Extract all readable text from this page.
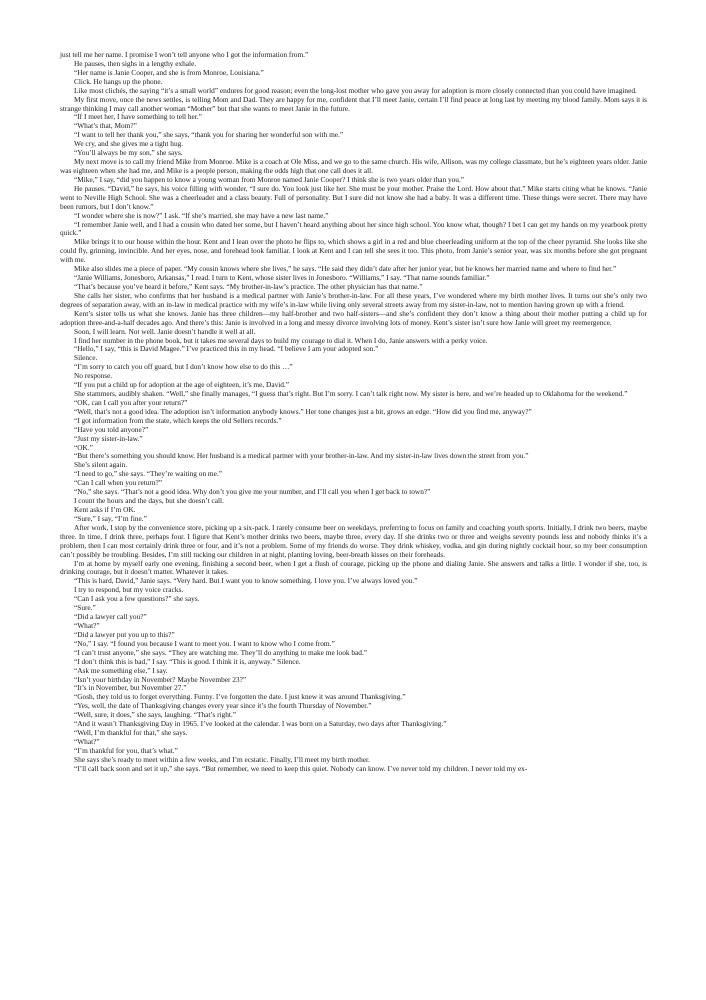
just tell me her name. I promise I won’t tell anyone who I got the information from.”

He pauses, then sighs in a lengthy exhale.

“Her name is Janie Cooper, and she is from Monroe, Louisiana.”

Click. He hangs up the phone.

Like most clichés, the saying “it’s a small world” endures for good reason; even the long-lost mother who gave you away for adoption is more closely connected than you could have imagined.

My first move, once the news settles, is telling Mom and Dad. They are happy for me, confident that I’ll meet Janie, certain I’ll find peace at long last by meeting my blood family. Mom says it is strange thinking I may call another woman “Mother” but that she wants to meet Janie in the future.

“If I meet her, I have something to tell her.”

“What’s that, Mom?”

“I want to tell her thank you,” she says, “thank you for sharing her wonderful son with me.”

We cry, and she gives me a tight hug.

“You’ll always be my son,” she says.

My next move is to call my friend Mike from Monroe. Mike is a coach at Ole Miss, and we go to the same church. His wife, Allison, was my college classmate, but he’s eighteen years older. Janie was eighteen when she had me, and Mike is a people person, making the odds high that one call does it all.

“Mike,” I say, “did you happen to know a young woman from Monroe named Janie Cooper? I think she is two years older than you.”

He pauses. “David,” he says, his voice filling with wonder, “I sure do. You look just like her. She must be your mother. Praise the Lord. How about that.” Mike starts citing what he knows. “Janie went to Neville High School. She was a cheerleader and a class beauty. Full of personality. But I sure did not know she had a baby. It was a different time. These things were secret. There may have been rumors, but I don’t know.”

“I wonder where she is now?” I ask. “If she’s married, she may have a new last name.”

“I remember Janie well, and I had a cousin who dated her some, but I haven’t heard anything about her since high school. You know what, though? I bet I can get my hands on my yearbook pretty quick.”

Mike brings it to our house within the hour. Kent and I lean over the photo he flips to, which shows a girl in a red and blue cheerleading uniform at the top of the cheer pyramid. She looks like she could fly, grinning, invincible. And her eyes, nose, and forehead look familiar. I look at Kent and I can tell she sees it too. This photo, from Janie’s senior year, was six months before she got pregnant with me.

Mike also slides me a piece of paper. “My cousin knows where she lives,” he says. “He said they didn’t date after her junior year, but he knows her married name and where to find her.”

“Janie Williams, Jonesboro, Arkansas,” I read. I turn to Kent, whose sister lives in Jonesboro. “Williams,” I say. “That name sounds familiar.”

“That’s because you’ve heard it before,” Kent says. “My brother-in-law’s practice. The other physician has that name.”

She calls her sister, who confirms that her husband is a medical partner with Janie’s brother-in-law. For all these years, I’ve wondered where my birth mother lives. It turns out she’s only two degrees of separation away, with an in-law in medical practice with my wife’s in-law while living only several streets away from my sister-in-law, not to mention having grown up with a friend.

Kent’s sister tells us what she knows. Janie has three children—my half-brother and two half-sisters—and she’s confident they don’t know a thing about their mother putting a child up for adoption three-and-a-half decades ago. And there’s this: Janie is involved in a long and messy divorce involving lots of money. Kent’s sister isn’t sure how Janie will greet my reemergence.

Soon, I will learn. Not well. Janie doesn’t handle it well at all.

I find her number in the phone book, but it takes me several days to build my courage to dial it. When I do, Janie answers with a perky voice.

“Hello,” I say, “this is David Magee.” I’ve practiced this in my head. “I believe I am your adopted son.”

Silence.

“I’m sorry to catch you off guard, but I don’t know how else to do this …”

No response.

“If you put a child up for adoption at the age of eighteen, it’s me, David.”

She stammers, audibly shaken. “Well,” she finally manages, “I guess that’s right. But I’m sorry. I can’t talk right now. My sister is here, and we’re headed up to Oklahoma for the weekend.”

“OK, can I call you after your return?”

“Well, that’s not a good idea. The adoption isn’t information anybody knows.” Her tone changes just a bit, grows an edge. “How did you find me, anyway?”

“I got information from the state, which keeps the old Sellers records.”

“Have you told anyone?”

“Just my sister-in-law.”

“OK.”

“But there’s something you should know. Her husband is a medical partner with your brother-in-law. And my sister-in-law lives down the street from you.”

She’s silent again.

“I need to go,” she says. “They’re waiting on me.”

“Can I call when you return?”

“No,” she says. “That’s not a good idea. Why don’t you give me your number, and I’ll call you when I get back to town?”

I count the hours and the days, but she doesn’t call.

Kent asks if I’m OK.

“Sure,” I say, “I’m fine.”

After work, I stop by the convenience store, picking up a six-pack. I rarely consume beer on weekdays, preferring to focus on family and coaching youth sports. Initially, I drink two beers, maybe three. In time, I drink three, perhaps four. I figure that Kent’s mother drinks two beers, maybe three, every day. If she drinks two or three and weighs seventy pounds less and nobody thinks it’s a problem, then I can most certainly drink three or four, and it’s not a problem. Some of my friends do worse. They drink whiskey, vodka, and gin during nightly cocktail hour, so my beer consumption can’t possibly be troubling. Besides, I’m still tucking our children in at night, planting loving, beer-breath kisses on their foreheads.

I’m at home by myself early one evening, finishing a second beer, when I get a flush of courage, picking up the phone and dialing Janie. She answers and talks a little. I wonder if she, too, is drinking courage, but it doesn’t matter. Whatever it takes.

“This is hard, David,” Janie says. “Very hard. But I want you to know something. I love you. I’ve always loved you.”

I try to respond, but my voice cracks.

“Can I ask you a few questions?” she says.

“Sure.”

“Did a lawyer call you?”

“What?”

“Did a lawyer put you up to this?”

“No,” I say. “I found you because I want to meet you. I want to know who I come from.”

“I can’t trust anyone,” she says. “They are watching me. They’ll do anything to make me look bad.”

“I don’t think this is bad,” I say. “This is good. I think it is, anyway.” Silence.

“Ask me something else,” I say.

“Isn’t your birthday in November? Maybe November 23?”

“It’s in November, but November 27.”

“Gosh, they told us to forget everything. Funny. I’ve forgotten the date. I just knew it was around Thanksgiving.”

“Yes, well, the date of Thanksgiving changes every year since it’s the fourth Thursday of November.”

“Well, sure, it does,” she says, laughing. “That’s right.”

“And it wasn’t Thanksgiving Day in 1965. I’ve looked at the calendar. I was born on a Saturday, two days after Thanksgiving.”

“Well, I’m thankful for that,” she says.

“What?”

“I’m thankful for you, that’s what.”

She says she’s ready to meet within a few weeks, and I’m ecstatic. Finally, I’ll meet my birth mother.

“I’ll call back soon and set it up,” she says. “But remember, we need to keep this quiet. Nobody can know. I’ve never told my children. I never told my ex-
